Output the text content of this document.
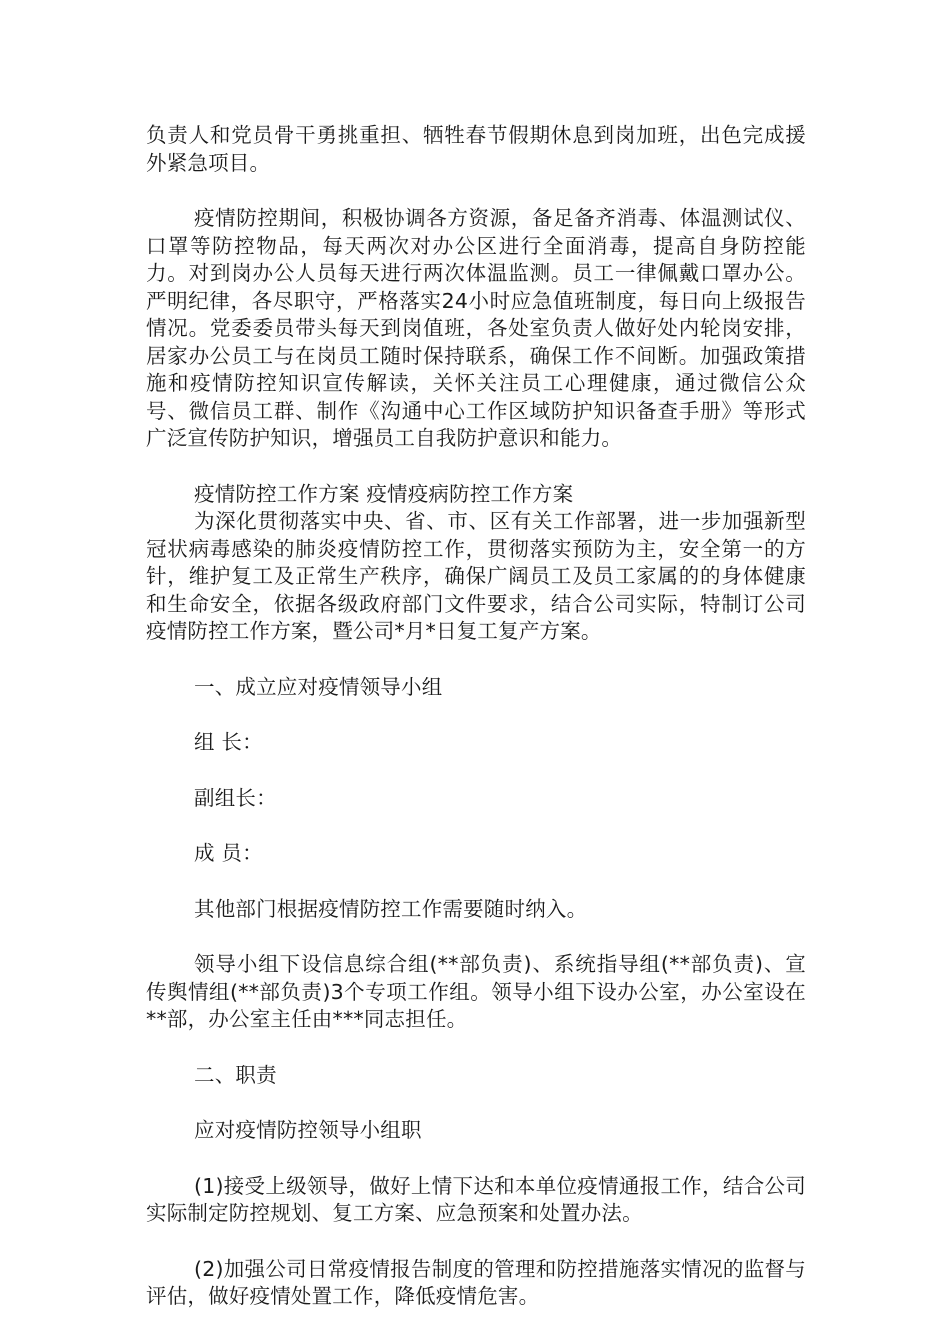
负责人和党员骨干勇挑重担、牺牲春节假期休息到岗加班，出色完成援外紧急项目。

疫情防控期间，积极协调各方资源，备足备齐消毒、体温测试仪、口罩等防控物品，每天两次对办公区进行全面消毒，提高自身防控能力。对到岗办公人员每天进行两次体温监测。员工一律佩戴口罩办公。严明纪律，各尽职守，严格落实24小时应急值班制度，每日向上级报告情况。党委委员带头每天到岗值班，各处室负责人做好处内轮岗安排，居家办公员工与在岗员工随时保持联系，确保工作不间断。加强政策措施和疫情防控知识宣传解读，关怀关注员工心理健康，通过微信公众号、微信员工群、制作《沟通中心工作区域防护知识备查手册》等形式广泛宣传防护知识，增强员工自我防护意识和能力。

疫情防控工作方案 疫情疫病防控工作方案

为深化贯彻落实中央、省、市、区有关工作部署，进一步加强新型冠状病毒感染的肺炎疫情防控工作，贯彻落实预防为主，安全第一的方针，维护复工及正常生产秩序，确保广阔员工及员工家属的的身体健康和生命安全，依据各级政府部门文件要求，结合公司实际，特制订公司疫情防控工作方案，暨公司*月*日复工复产方案。

一、成立应对疫情领导小组

组 长：

副组长：

成 员：

其他部门根据疫情防控工作需要随时纳入。

领导小组下设信息综合组(**部负责)、系统指导组(**部负责)、宣传舆情组(**部负责)3个专项工作组。领导小组下设办公室，办公室设在**部，办公室主任由***同志担任。

二、职责

应对疫情防控领导小组职

(1)接受上级领导，做好上情下达和本单位疫情通报工作，结合公司实际制定防控规划、复工方案、应急预案和处置办法。

(2)加强公司日常疫情报告制度的管理和防控措施落实情况的监督与评估，做好疫情处置工作，降低疫情危害。
